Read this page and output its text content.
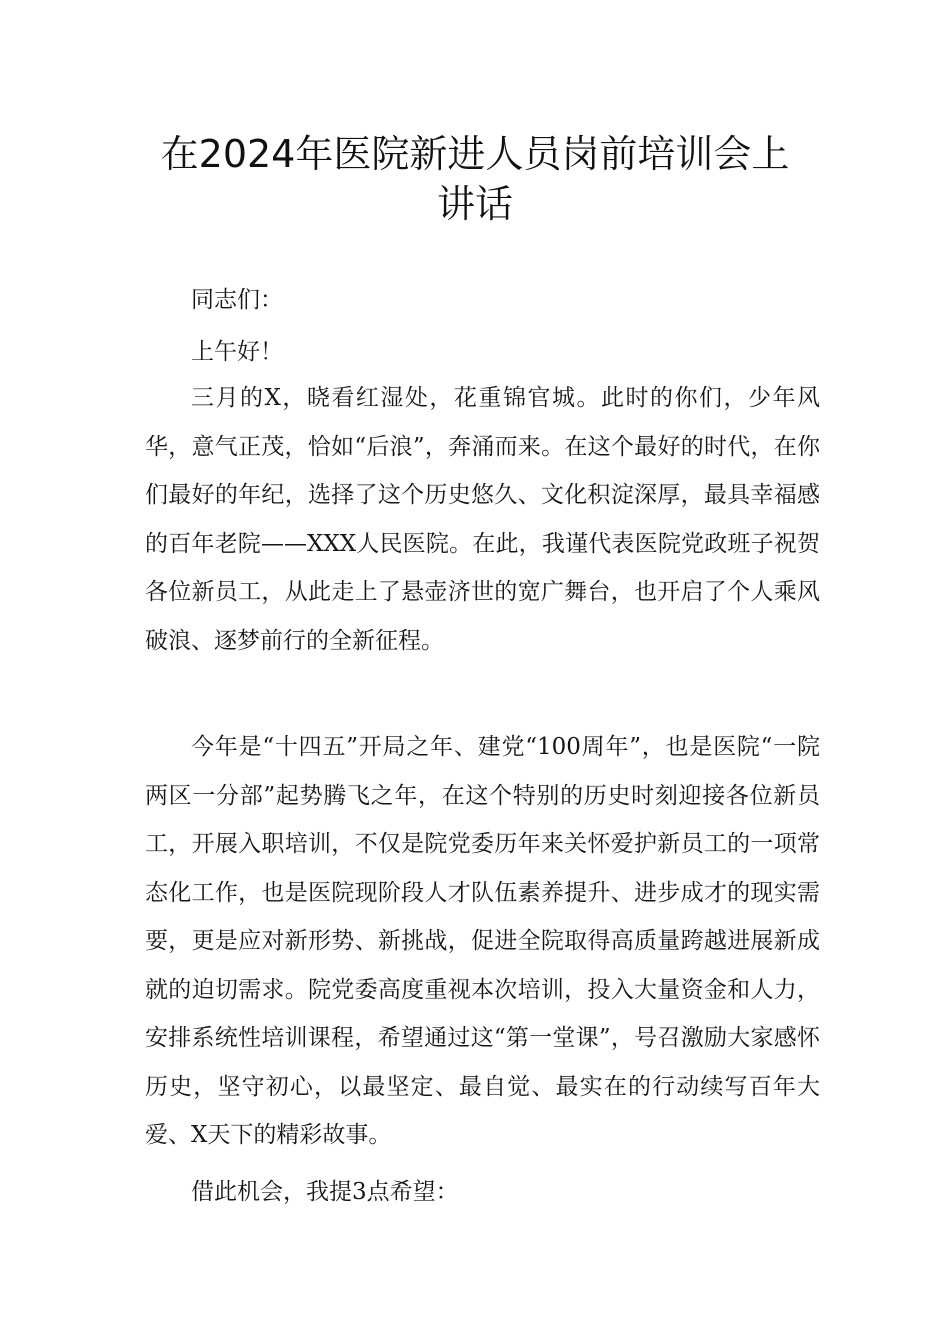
在2024年医院新进人员岗前培训会上
讲话

同志们：

上午好！

三月的X，晓看红湿处，花重锦官城。此时的你们，少年风华，意气正茂，恰如“后浪”，奔涌而来。在这个最好的时代，在你们最好的年纪，选择了这个历史悠久、文化积淀深厚，最具幸福感的百年老院——XXX人民医院。在此，我谨代表医院党政班子祝贺各位新员工，从此走上了悬壶济世的宽广舞台，也开启了个人乘风破浪、逐梦前行的全新征程。

今年是“十四五”开局之年、建党“100周年”，也是医院“一院两区一分部”起势腾飞之年，在这个特别的历史时刻迎接各位新员工，开展入职培训，不仅是院党委历年来关怀爱护新员工的一项常态化工作，也是医院现阶段人才队伍素养提升、进步成才的现实需要，更是应对新形势、新挑战，促进全院取得高质量跨越进展新成就的迫切需求。院党委高度重视本次培训，投入大量资金和人力，安排系统性培训课程，希望通过这“第一堂课”，号召激励大家感怀历史，坚守初心，以最坚定、最自觉、最实在的行动续写百年大爱、X天下的精彩故事。

借此机会，我提3点希望：
